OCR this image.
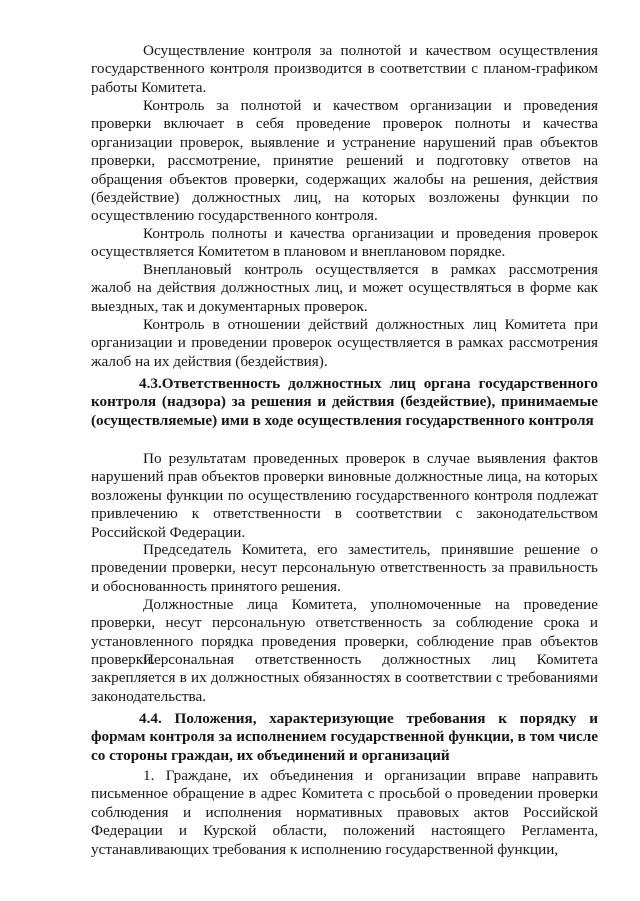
Осуществление контроля за полнотой и качеством осуществления государственного контроля производится в соответствии с планом-графиком работы Комитета.

Контроль за полнотой и качеством организации и проведения проверки включает в себя проведение проверок полноты и качества организации проверок, выявление и устранение нарушений прав объектов проверки, рассмотрение, принятие решений и подготовку ответов на обращения объектов проверки, содержащих жалобы на решения, действия (бездействие) должностных лиц, на которых возложены функции по осуществлению государственного контроля.

Контроль полноты и качества организации и проведения проверок осуществляется Комитетом в плановом и внеплановом порядке.

Внеплановый контроль осуществляется в рамках рассмотрения жалоб на действия должностных лиц, и может осуществляться в форме как выездных, так и документарных проверок.

Контроль в отношении действий должностных лиц Комитета при организации и проведении проверок осуществляется в рамках рассмотрения жалоб на их действия (бездействия).

4.3.Ответственность должностных лиц органа государственного контроля (надзора) за решения и действия (бездействие), принимаемые (осуществляемые) ими в ходе осуществления государственного контроля

По результатам проведенных проверок в случае выявления фактов нарушений прав объектов проверки виновные должностные лица, на которых возложены функции по осуществлению государственного контроля подлежат привлечению к ответственности в соответствии с законодательством Российской Федерации.

Председатель Комитета, его заместитель, принявшие решение о проведении проверки, несут персональную ответственность за правильность и обоснованность принятого решения.

Должностные лица Комитета, уполномоченные на проведение проверки, несут персональную ответственность за соблюдение срока и установленного порядка проведения проверки, соблюдение прав объектов проверки.

Персональная ответственность должностных лиц Комитета закрепляется в их должностных обязанностях в соответствии с требованиями законодательства.

4.4. Положения, характеризующие требования к порядку и формам контроля за исполнением государственной функции, в том числе со стороны граждан, их объединений и организаций

1. Граждане, их объединения и организации вправе направить письменное обращение в адрес Комитета с просьбой о проведении проверки соблюдения и исполнения нормативных правовых актов Российской Федерации и Курской области, положений настоящего Регламента, устанавливающих требования к исполнению государственной функции,
